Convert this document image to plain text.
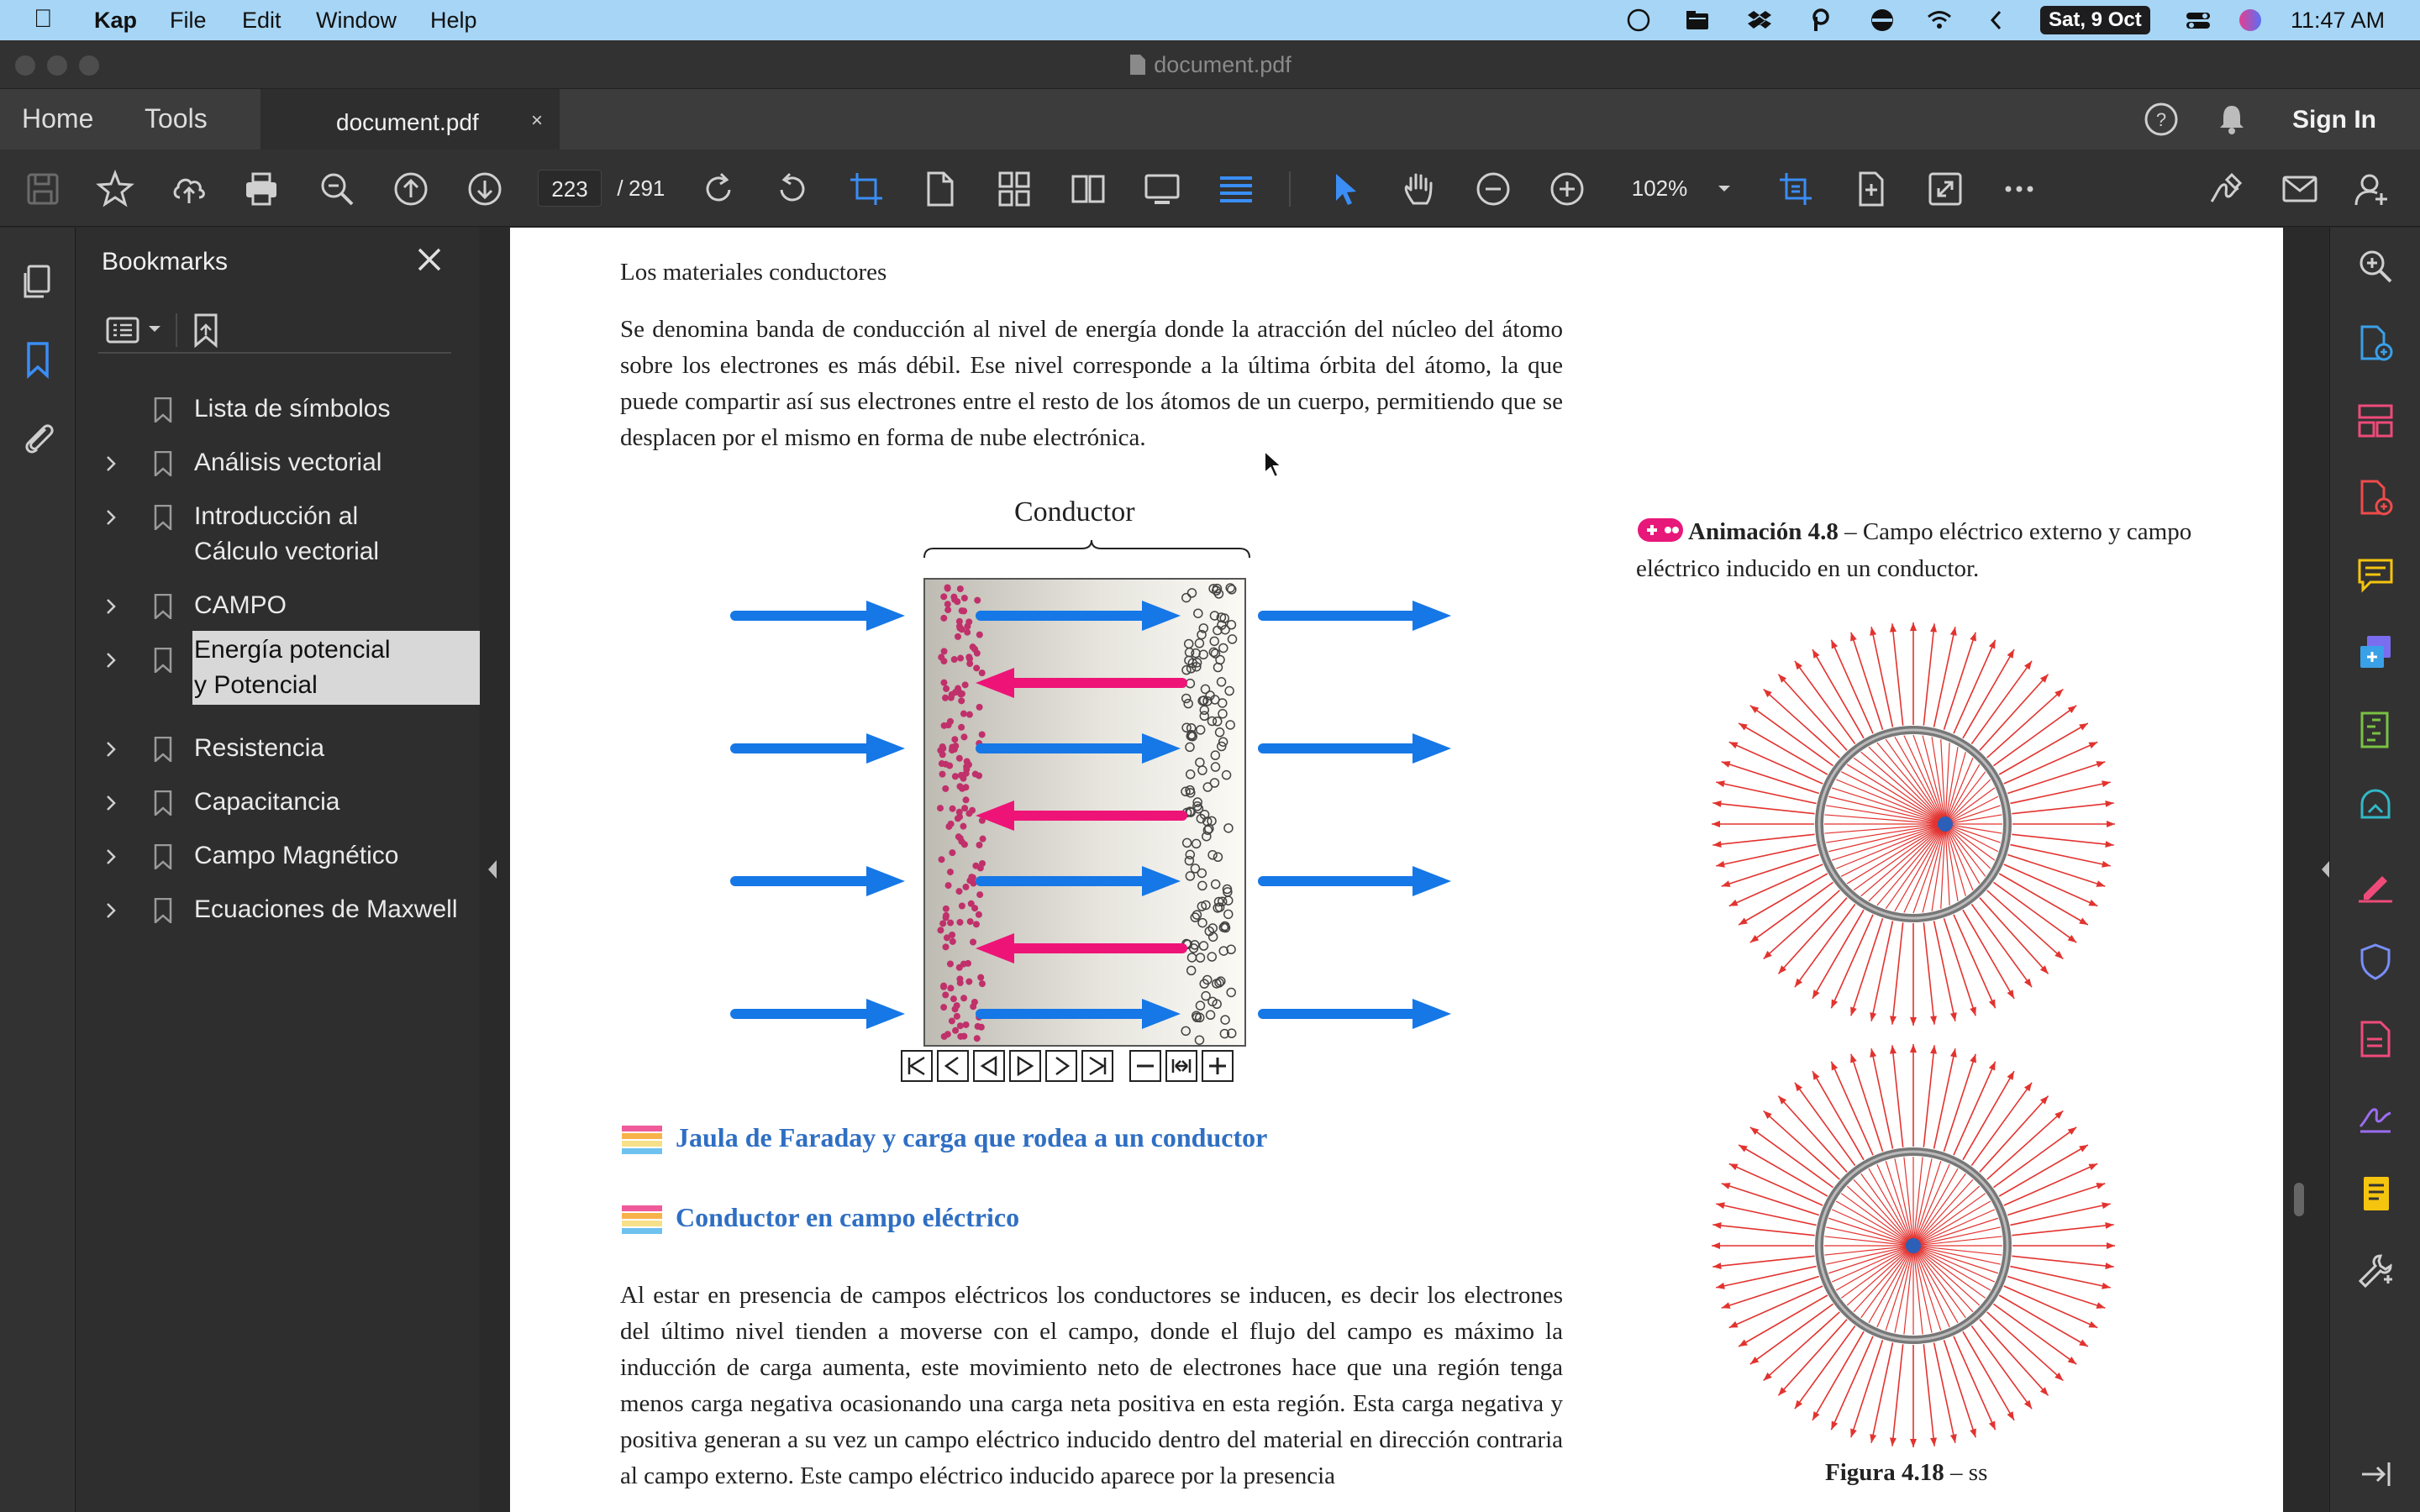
Kap File Edit Window Help	Sat, 9 Oct	11:47 AM
document.pdf
Home Tools	document.pdf	×	?	Sign In
223	/ 291	102%
Bookmarks
Lista de símbolos
Análisis vectorial
Introducción al
Cálculo vectorial
CAMPO
Energía potencial
y Potencial
Resistencia
Capacitancia
Campo Magnético
Ecuaciones de Maxwell
Los materiales conductores
Se denomina banda de conducción al nivel de energía donde la atracción del núcleo del átomo sobre los electrones es más débil. Ese nivel corresponde a la última órbita del átomo, la que puede compartir así sus electrones entre el resto de los átomos de un cuerpo, permitiendo que se desplacen por el mismo en forma de nube electrónica.
Conductor
Jaula de Faraday y carga que rodea a un conductor
Conductor en campo eléctrico
Al estar en presencia de campos eléctricos los conductores se inducen, es decir los electrones del último nivel tienden a moverse con el campo, donde el flujo del campo es máximo la inducción de carga aumenta, este movimiento neto de electrones hace que una región tenga menos carga negativa ocasionando una carga neta positiva en esta región. Esta carga negativa y positiva generan a su vez un campo eléctrico inducido dentro del material en dirección contraria al campo externo. Este campo eléctrico inducido aparece por la presencia
Animación 4.8 – Campo eléctrico externo y campo eléctrico inducido en un conductor.
Figura 4.18 – ss
